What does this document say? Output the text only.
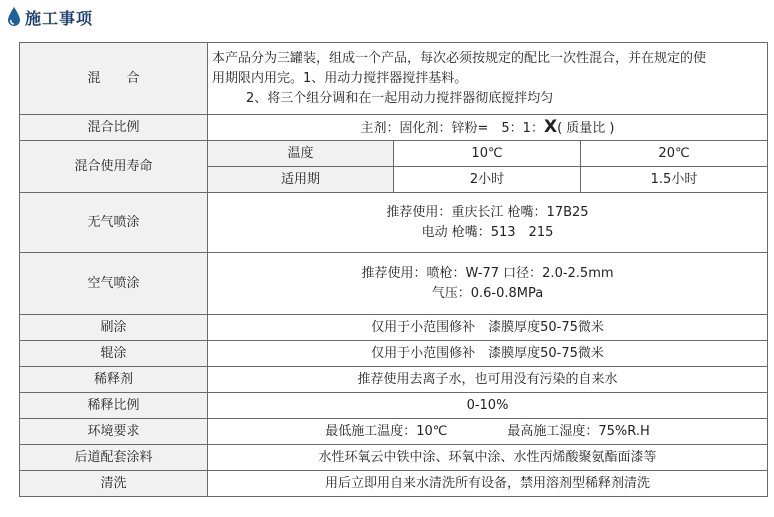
施工事项
混　　合	本产品分为三罐装，组成一个产品，每次必须按规定的配比一次性混合，并在规定的使
用期限内用完。1、用动力搅拌器搅拌基料。
2、将三个组分调和在一起用动力搅拌器彻底搅拌均匀		

混合比例	主剂：固化剂：锌粉=　5：1：X( 质量比 )		
混合使用寿命	温度	10℃	20℃
	适用期	2小时	1.5小时
无气喷涂	推荐使用：重庆长江 枪嘴：17B25
电动 枪嘴：513　215		

空气喷涂	推荐使用：喷枪：W-77 口径：2.0-2.5mm
气压：0.6-0.8MPa		

刷涂	仅用于小范围修补　漆膜厚度50-75微米		
辊涂	仅用于小范围修补　漆膜厚度50-75微米		
稀释剂	推荐使用去离子水，也可用没有污染的自来水		
稀释比例	0-10%		
环境要求	最低施工温度：10℃ 最高施工湿度：75%R.H		
后道配套涂料	水性环氧云中铁中涂、环氧中涂、水性丙烯酸聚氨酯面漆等		
清洗	用后立即用自来水清洗所有设备，禁用溶剂型稀释剂清洗		
